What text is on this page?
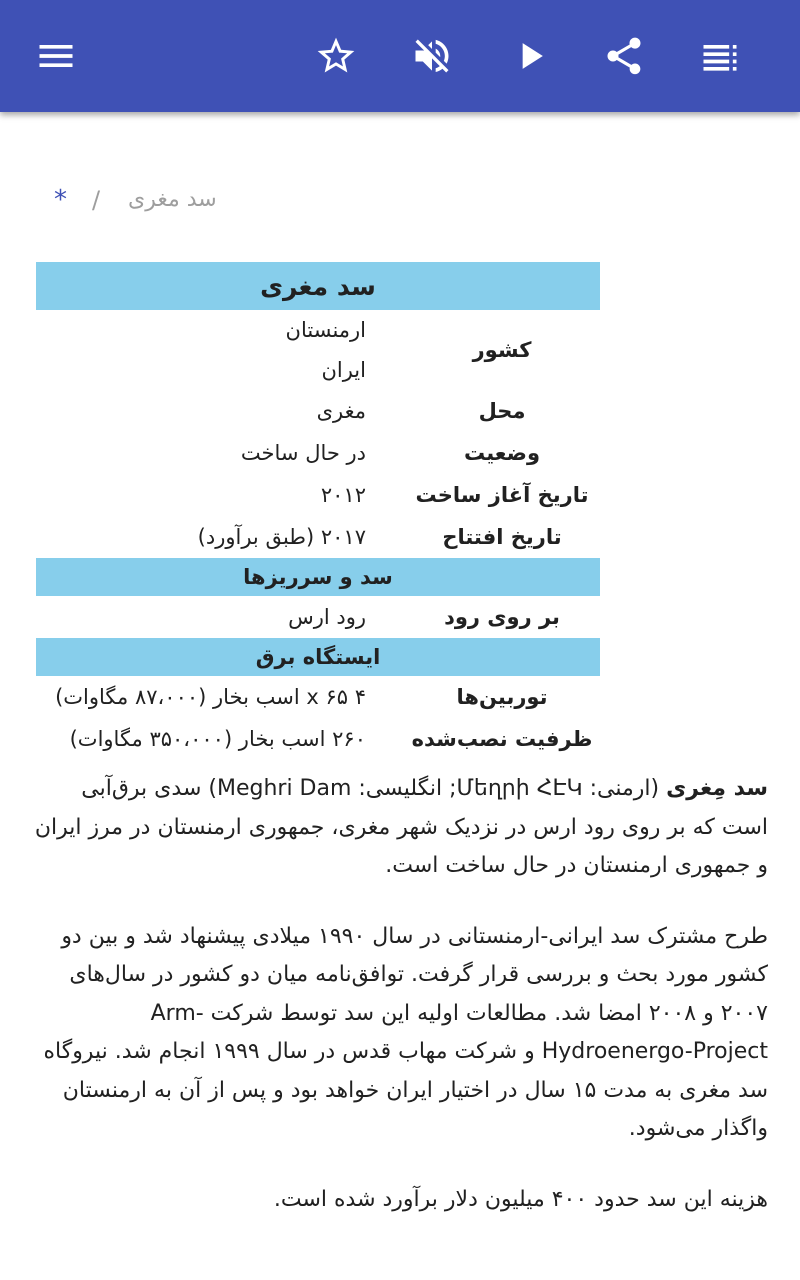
* / سد مغری
سد مغری
کشور
ارمنستان
ایران
محل
مغری
وضعیت
در حال ساخت
تاریخ آغاز ساخت
۲۰۱۲
تاریخ افتتاح
۲۰۱۷ (طبق برآورد)
سد و سرریزها
بر روی رود
رود ارس
ایستگاه برق
توربین‌ها
۴ x ۶۵ اسب بخار (۸۷،۰۰۰ مگاوات)
ظرفیت نصب‌شده
۲۶۰ اسب بخار (۳۵۰،۰۰۰ مگاوات)

سد مِغری (ارمنی: Մեղրի ՀԷԿ; انگلیسی: Meghri Dam) سدی برق‌آبی است که بر روی رود ارس در نزدیک شهر مغری، جمهوری ارمنستان در مرز ایران و جمهوری ارمنستان در حال ساخت است.

طرح مشترک سد ایرانی-ارمنستانی در سال ۱۹۹۰ میلادی پیشنهاد شد و بین دو کشور مورد بحث و بررسی قرار گرفت. توافق‌نامه میان دو کشور در سال‌های ۲۰۰۷ و ۲۰۰۸ امضا شد. مطالعات اولیه این سد توسط شرکت Arm-Hydroenergo-Project و شرکت مهاب قدس در سال ۱۹۹۹ انجام شد. نیروگاه سد مغری به مدت ۱۵ سال در اختیار ایران خواهد بود و پس از آن به ارمنستان واگذار می‌شود.

هزینه این سد حدود ۴۰۰ میلیون دلار برآورد شده است.
